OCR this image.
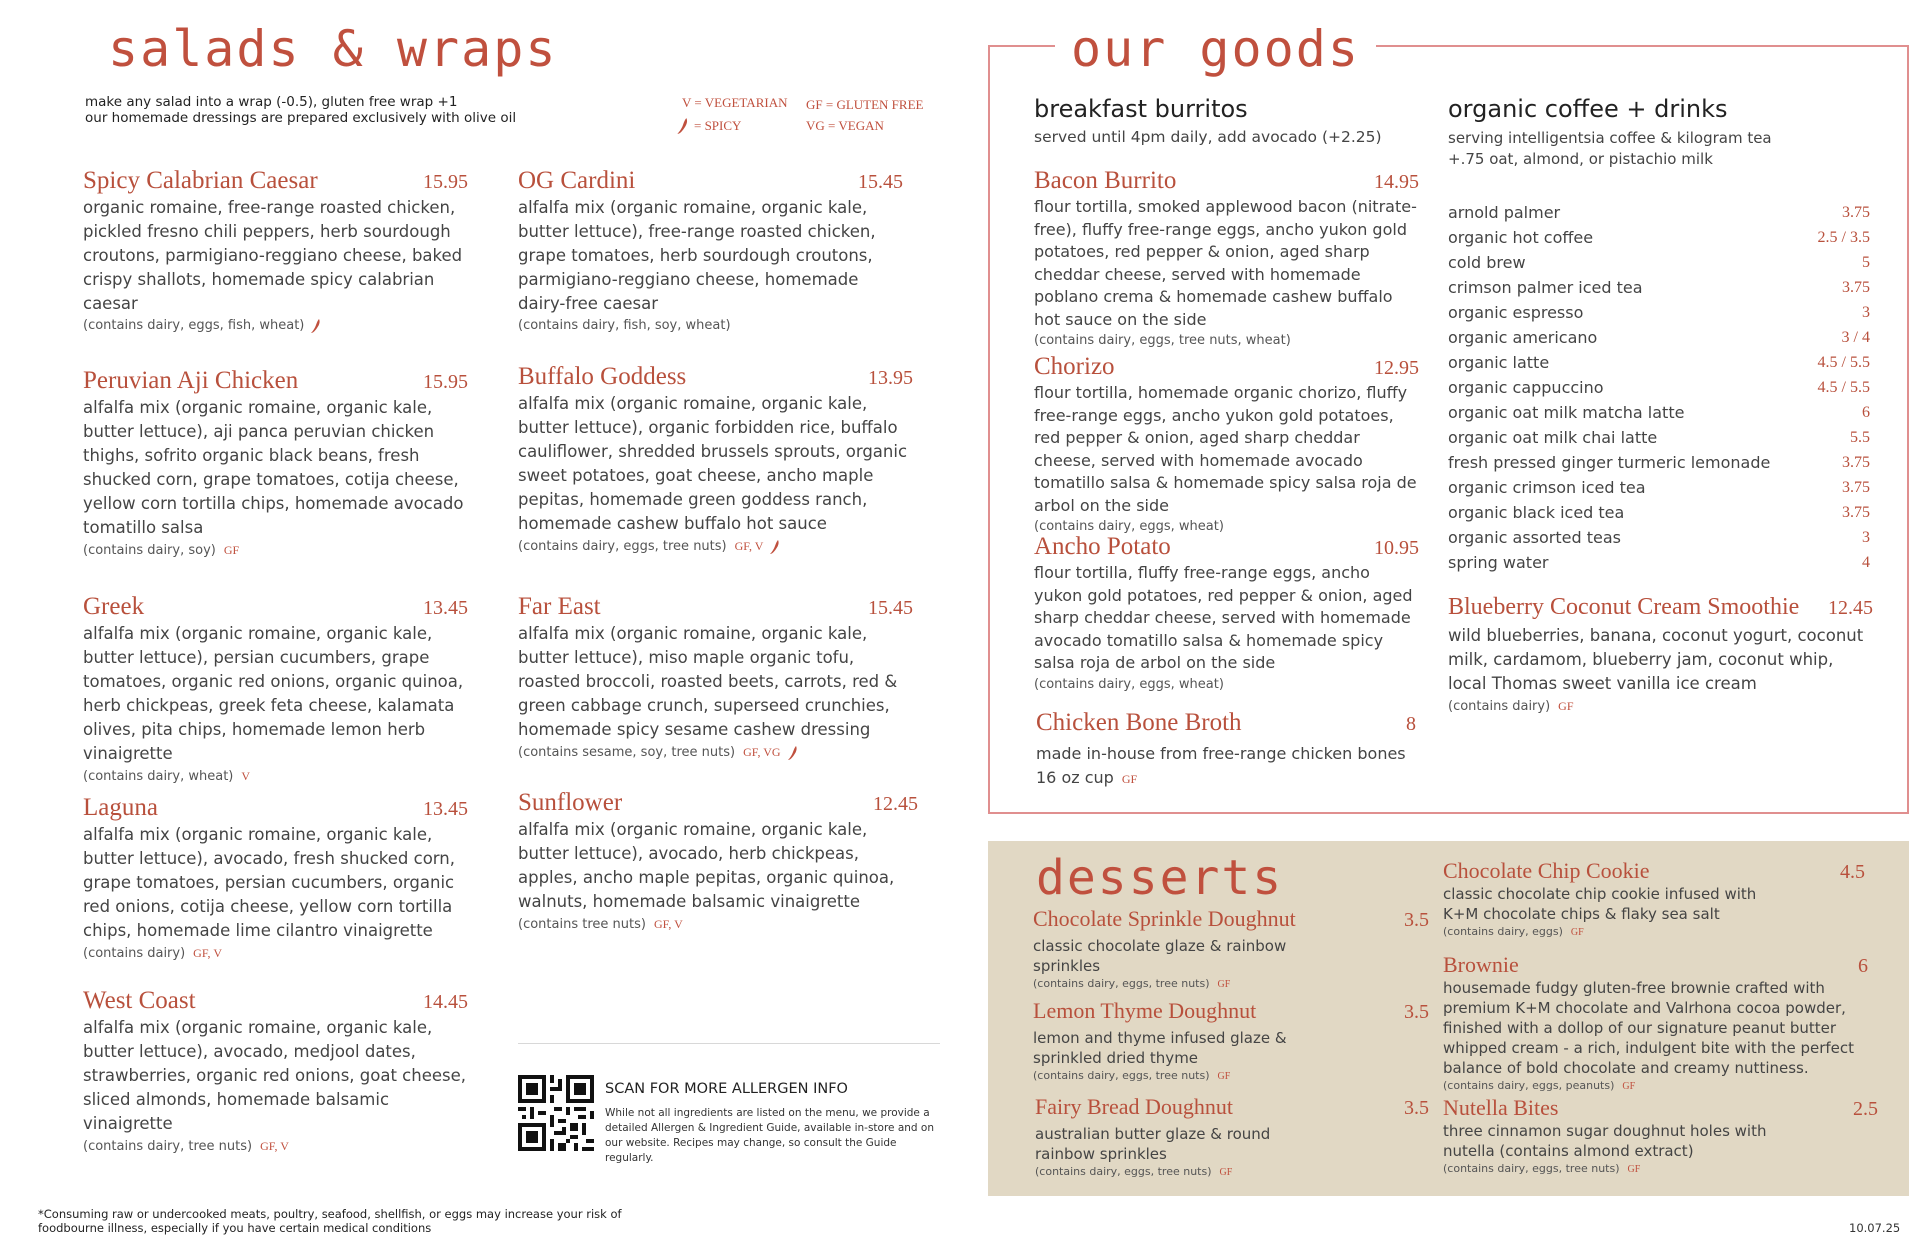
salads & wraps
make any salad into a wrap (-0.5), gluten free wrap +1
our homemade dressings are prepared exclusively with olive oil
V = VEGETARIAN GF = GLUTEN FREE
= SPICY	VG = VEGAN
Spicy Calabrian Caesar	15.95
organic romaine, free-range roasted chicken, pickled fresno chili peppers, herb sourdough croutons, parmigiano-reggiano cheese, baked crispy shallots, homemade spicy calabrian caesar
(contains dairy, eggs, fish, wheat)
OG Cardini	15.45
alfalfa mix (organic romaine, organic kale, butter lettuce), free-range roasted chicken, grape tomatoes, herb sourdough croutons, parmigiano-reggiano cheese, homemade dairy-free caesar
(contains dairy, fish, soy, wheat)
Peruvian Aji Chicken	15.95
alfalfa mix (organic romaine, organic kale, butter lettuce), aji panca peruvian chicken thighs, sofrito organic black beans, fresh shucked corn, grape tomatoes, cotija cheese, yellow corn tortilla chips, homemade avocado tomatillo salsa
(contains dairy, soy) GF
Buffalo Goddess	13.95
alfalfa mix (organic romaine, organic kale, butter lettuce), organic forbidden rice, buffalo cauliflower, shredded brussels sprouts, organic sweet potatoes, goat cheese, ancho maple pepitas, homemade green goddess ranch, homemade cashew buffalo hot sauce
(contains dairy, eggs, tree nuts) GF, V
Greek	13.45
alfalfa mix (organic romaine, organic kale, butter lettuce), persian cucumbers, grape tomatoes, organic red onions, organic quinoa, herb chickpeas, greek feta cheese, kalamata olives, pita chips, homemade lemon herb vinaigrette
(contains dairy, wheat) V
Far East	15.45
alfalfa mix (organic romaine, organic kale, butter lettuce), miso maple organic tofu, roasted broccoli, roasted beets, carrots, red & green cabbage crunch, superseed crunchies, homemade spicy sesame cashew dressing
(contains sesame, soy, tree nuts) GF, VG
Laguna	13.45
alfalfa mix (organic romaine, organic kale, butter lettuce), avocado, fresh shucked corn, grape tomatoes, persian cucumbers, organic red onions, cotija cheese, yellow corn tortilla chips, homemade lime cilantro vinaigrette
(contains dairy) GF, V
Sunflower	12.45
alfalfa mix (organic romaine, organic kale, butter lettuce), avocado, herb chickpeas, apples, ancho maple pepitas, organic quinoa, walnuts, homemade balsamic vinaigrette
(contains tree nuts) GF, V
West Coast	14.45
alfalfa mix (organic romaine, organic kale, butter lettuce), avocado, medjool dates, strawberries, organic red onions, goat cheese, sliced almonds, homemade balsamic vinaigrette
(contains dairy, tree nuts) GF, V
SCAN FOR MORE ALLERGEN INFO
While not all ingredients are listed on the menu, we provide a detailed Allergen & Ingredient Guide, available in-store and on our website. Recipes may change, so consult the Guide regularly.
our goods
breakfast burritos
served until 4pm daily, add avocado (+2.25)
Bacon Burrito	14.95
flour tortilla, smoked applewood bacon (nitrate-free), fluffy free-range eggs, ancho yukon gold potatoes, red pepper & onion, aged sharp cheddar cheese, served with homemade poblano crema & homemade cashew buffalo hot sauce on the side
(contains dairy, eggs, tree nuts, wheat)
Chorizo	12.95
flour tortilla, homemade organic chorizo, fluffy free-range eggs, ancho yukon gold potatoes, red pepper & onion, aged sharp cheddar cheese, served with homemade avocado tomatillo salsa & homemade spicy salsa roja de arbol on the side
(contains dairy, eggs, wheat)
Ancho Potato	10.95
flour tortilla, fluffy free-range eggs, ancho yukon gold potatoes, red pepper & onion, aged sharp cheddar cheese, served with homemade avocado tomatillo salsa & homemade spicy salsa roja de arbol on the side
(contains dairy, eggs, wheat)
Chicken Bone Broth	8
made in-house from free-range chicken bones
16 oz cup GF
organic coffee + drinks
serving intelligentsia coffee & kilogram tea
+.75 oat, almond, or pistachio milk
arnold palmer	3.75
organic hot coffee	2.5 / 3.5
cold brew	5
crimson palmer iced tea	3.75
organic espresso	3
organic americano	3 / 4
organic latte	4.5 / 5.5
organic cappuccino	4.5 / 5.5
organic oat milk matcha latte	6
organic oat milk chai latte	5.5
fresh pressed ginger turmeric lemonade	3.75
organic crimson iced tea	3.75
organic black iced tea	3.75
organic assorted teas	3
spring water	4
Blueberry Coconut Cream Smoothie 12.45
wild blueberries, banana, coconut yogurt, coconut milk, cardamom, blueberry jam, coconut whip, local Thomas sweet vanilla ice cream
(contains dairy) GF
desserts
Chocolate Sprinkle Doughnut	3.5
classic chocolate glaze & rainbow sprinkles
(contains dairy, eggs, tree nuts) GF
Lemon Thyme Doughnut	3.5
lemon and thyme infused glaze & sprinkled dried thyme
(contains dairy, eggs, tree nuts) GF
Fairy Bread Doughnut	3.5
australian butter glaze & round rainbow sprinkles
(contains dairy, eggs, tree nuts) GF
Chocolate Chip Cookie	4.5
classic chocolate chip cookie infused with K+M chocolate chips & flaky sea salt
(contains dairy, eggs) GF
Brownie	6
housemade fudgy gluten-free brownie crafted with premium K+M chocolate and Valrhona cocoa powder, finished with a dollop of our signature peanut butter whipped cream - a rich, indulgent bite with the perfect balance of bold chocolate and creamy nuttiness.
(contains dairy, eggs, peanuts) GF
Nutella Bites	2.5
three cinnamon sugar doughnut holes with nutella (contains almond extract)
(contains dairy, eggs, tree nuts) GF
*Consuming raw or undercooked meats, poultry, seafood, shellfish, or eggs may increase your risk of
foodbourne illness, especially if you have certain medical conditions	10.07.25
